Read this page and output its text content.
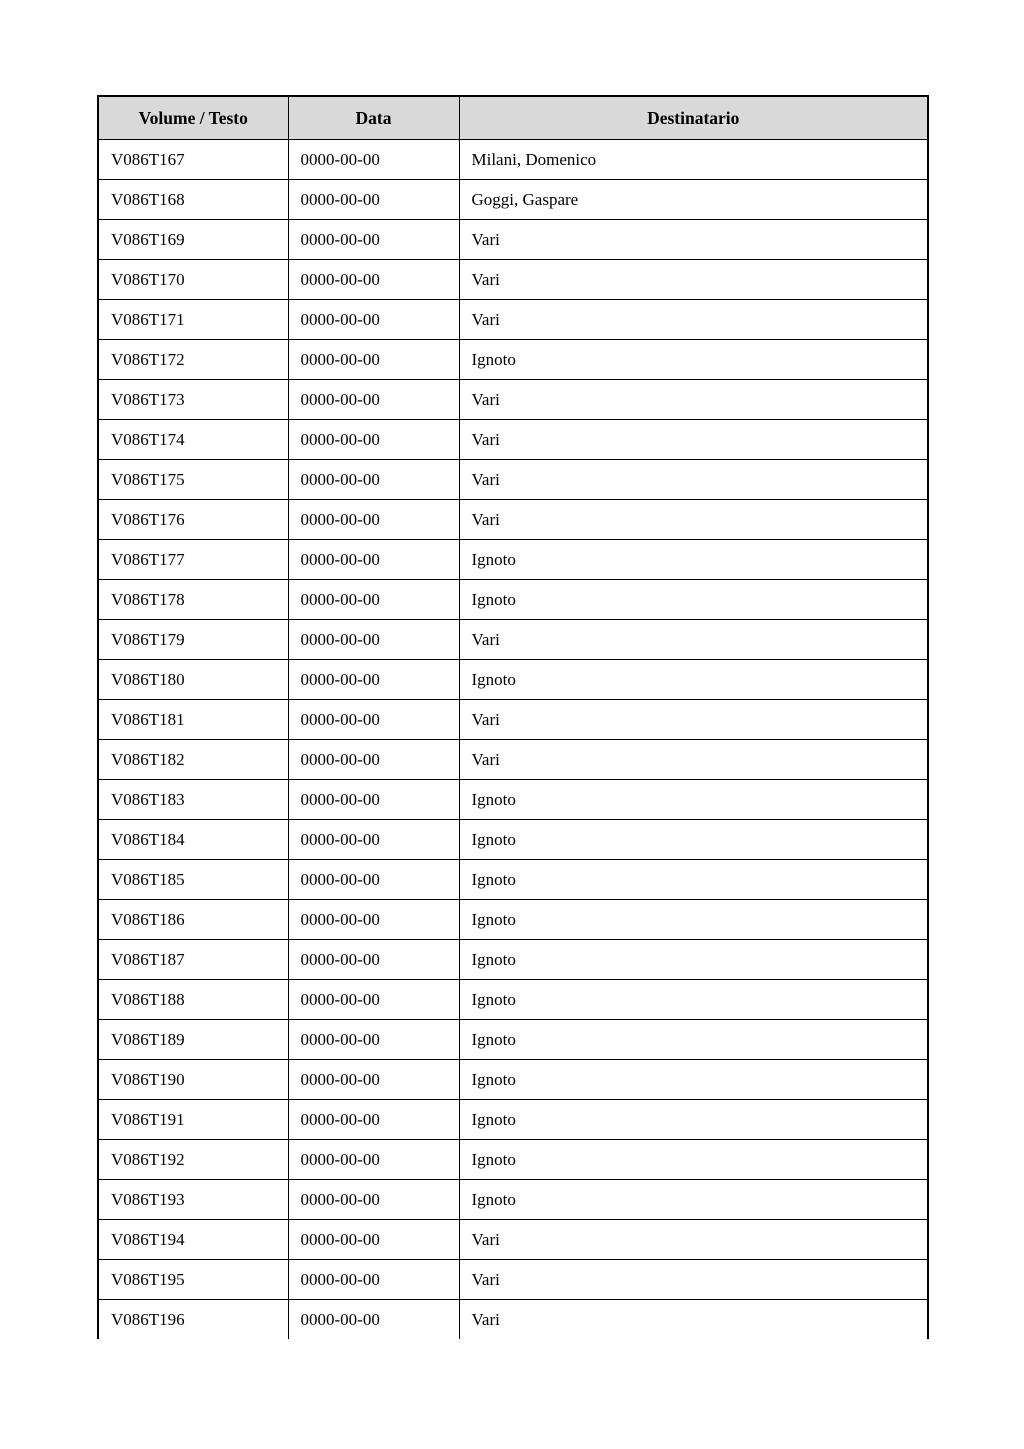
Volume / Testo	Data	Destinatario
V086T167	0000-00-00	Milani, Domenico
V086T168	0000-00-00	Goggi, Gaspare
V086T169	0000-00-00	Vari
V086T170	0000-00-00	Vari
V086T171	0000-00-00	Vari
V086T172	0000-00-00	Ignoto
V086T173	0000-00-00	Vari
V086T174	0000-00-00	Vari
V086T175	0000-00-00	Vari
V086T176	0000-00-00	Vari
V086T177	0000-00-00	Ignoto
V086T178	0000-00-00	Ignoto
V086T179	0000-00-00	Vari
V086T180	0000-00-00	Ignoto
V086T181	0000-00-00	Vari
V086T182	0000-00-00	Vari
V086T183	0000-00-00	Ignoto
V086T184	0000-00-00	Ignoto
V086T185	0000-00-00	Ignoto
V086T186	0000-00-00	Ignoto
V086T187	0000-00-00	Ignoto
V086T188	0000-00-00	Ignoto
V086T189	0000-00-00	Ignoto
V086T190	0000-00-00	Ignoto
V086T191	0000-00-00	Ignoto
V086T192	0000-00-00	Ignoto
V086T193	0000-00-00	Ignoto
V086T194	0000-00-00	Vari
V086T195	0000-00-00	Vari
V086T196	0000-00-00	Vari
